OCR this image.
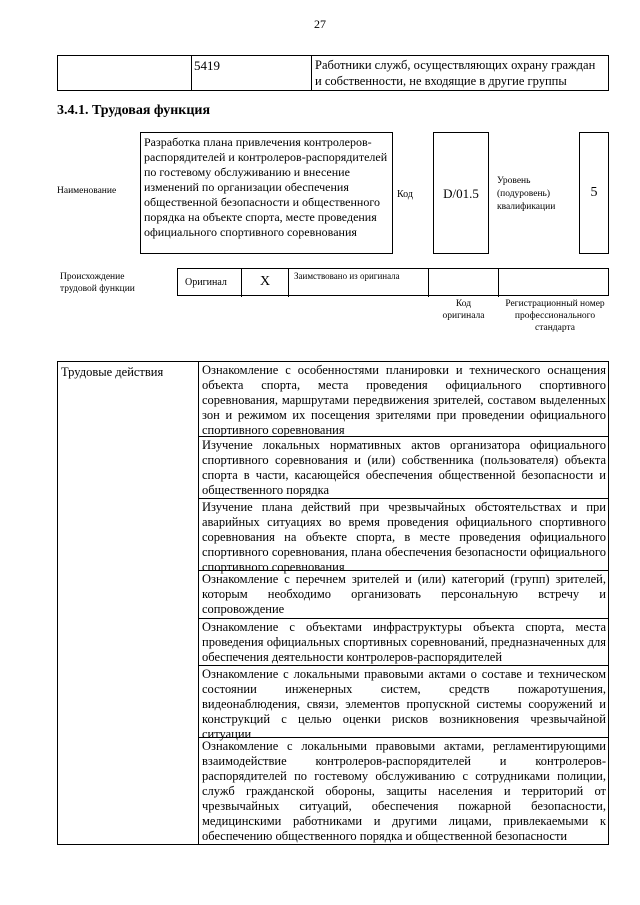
27
5419	Работники служб, осуществляющих охрану граждан и собственности, не входящие в другие группы
3.4.1. Трудовая функция
Наименование
Разработка плана привлечения контролеров-распорядителей и контролеров-распорядителей по гостевому обслуживанию и внесение изменений по организации обеспечения общественной безопасности и общественного порядка на объекте спорта, месте проведения официального спортивного соревнования
Код	D/01.5
Уровень (подуровень) квалификации
5
Происхождение трудовой функции
Оригинал	X	Заимствовано из оригинала
Код оригинала
Регистрационный номер профессионального стандарта
Трудовые действия	Ознакомление с особенностями планировки и технического оснащения объекта спорта, места проведения официального спортивного соревнования, маршрутами передвижения зрителей, составом выделенных зон и режимом их посещения зрителями при проведении официального спортивного соревнования
Изучение локальных нормативных актов организатора официального спортивного соревнования и (или) собственника (пользователя) объекта спорта в части, касающейся обеспечения общественной безопасности и общественного порядка
Изучение плана действий при чрезвычайных обстоятельствах и при аварийных ситуациях во время проведения официального спортивного соревнования на объекте спорта, в месте проведения официального спортивного соревнования, плана обеспечения безопасности официального спортивного соревнования
Ознакомление с перечнем зрителей и (или) категорий (групп) зрителей, которым необходимо организовать персональную встречу и сопровождение
Ознакомление с объектами инфраструктуры объекта спорта, места проведения официальных спортивных соревнований, предназначенных для обеспечения деятельности контролеров-распорядителей
Ознакомление с локальными правовыми актами о составе и техническом состоянии инженерных систем, средств пожаротушения, видеонаблюдения, связи, элементов пропускной системы сооружений и конструкций с целью оценки рисков возникновения чрезвычайной ситуации
Ознакомление с локальными правовыми актами, регламентирующими взаимодействие контролеров-распорядителей и контролеров-распорядителей по гостевому обслуживанию с сотрудниками полиции, служб гражданской обороны, защиты населения и территорий от чрезвычайных ситуаций, обеспечения пожарной безопасности, медицинскими работниками и другими лицами, привлекаемыми к обеспечению общественного порядка и общественной безопасности
